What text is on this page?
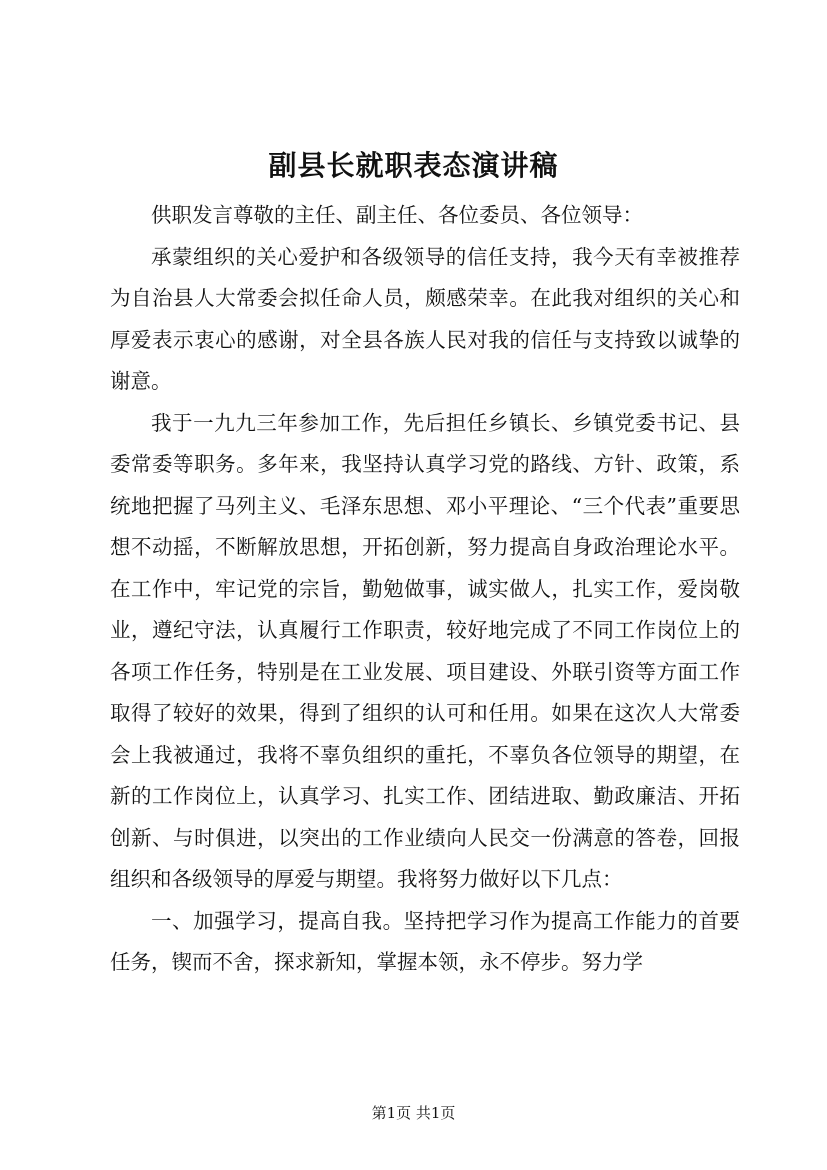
副县长就职表态演讲稿

供职发言尊敬的主任、副主任、各位委员、各位领导：

承蒙组织的关心爱护和各级领导的信任支持，我今天有幸被推荐为自治县人大常委会拟任命人员，颇感荣幸。在此我对组织的关心和厚爱表示衷心的感谢，对全县各族人民对我的信任与支持致以诚挚的谢意。

我于一九九三年参加工作，先后担任乡镇长、乡镇党委书记、县委常委等职务。多年来，我坚持认真学习党的路线、方针、政策，系统地把握了马列主义、毛泽东思想、邓小平理论、“三个代表”重要思想不动摇，不断解放思想，开拓创新，努力提高自身政治理论水平。在工作中，牢记党的宗旨，勤勉做事，诚实做人，扎实工作，爱岗敬业，遵纪守法，认真履行工作职责，较好地完成了不同工作岗位上的各项工作任务，特别是在工业发展、项目建设、外联引资等方面工作取得了较好的效果，得到了组织的认可和任用。如果在这次人大常委会上我被通过，我将不辜负组织的重托，不辜负各位领导的期望，在新的工作岗位上，认真学习、扎实工作、团结进取、勤政廉洁、开拓创新、与时俱进，以突出的工作业绩向人民交一份满意的答卷，回报组织和各级领导的厚爱与期望。我将努力做好以下几点：

一、加强学习，提高自我。坚持把学习作为提高工作能力的首要任务，锲而不舍，探求新知，掌握本领，永不停步。努力学

第1页 共1页
